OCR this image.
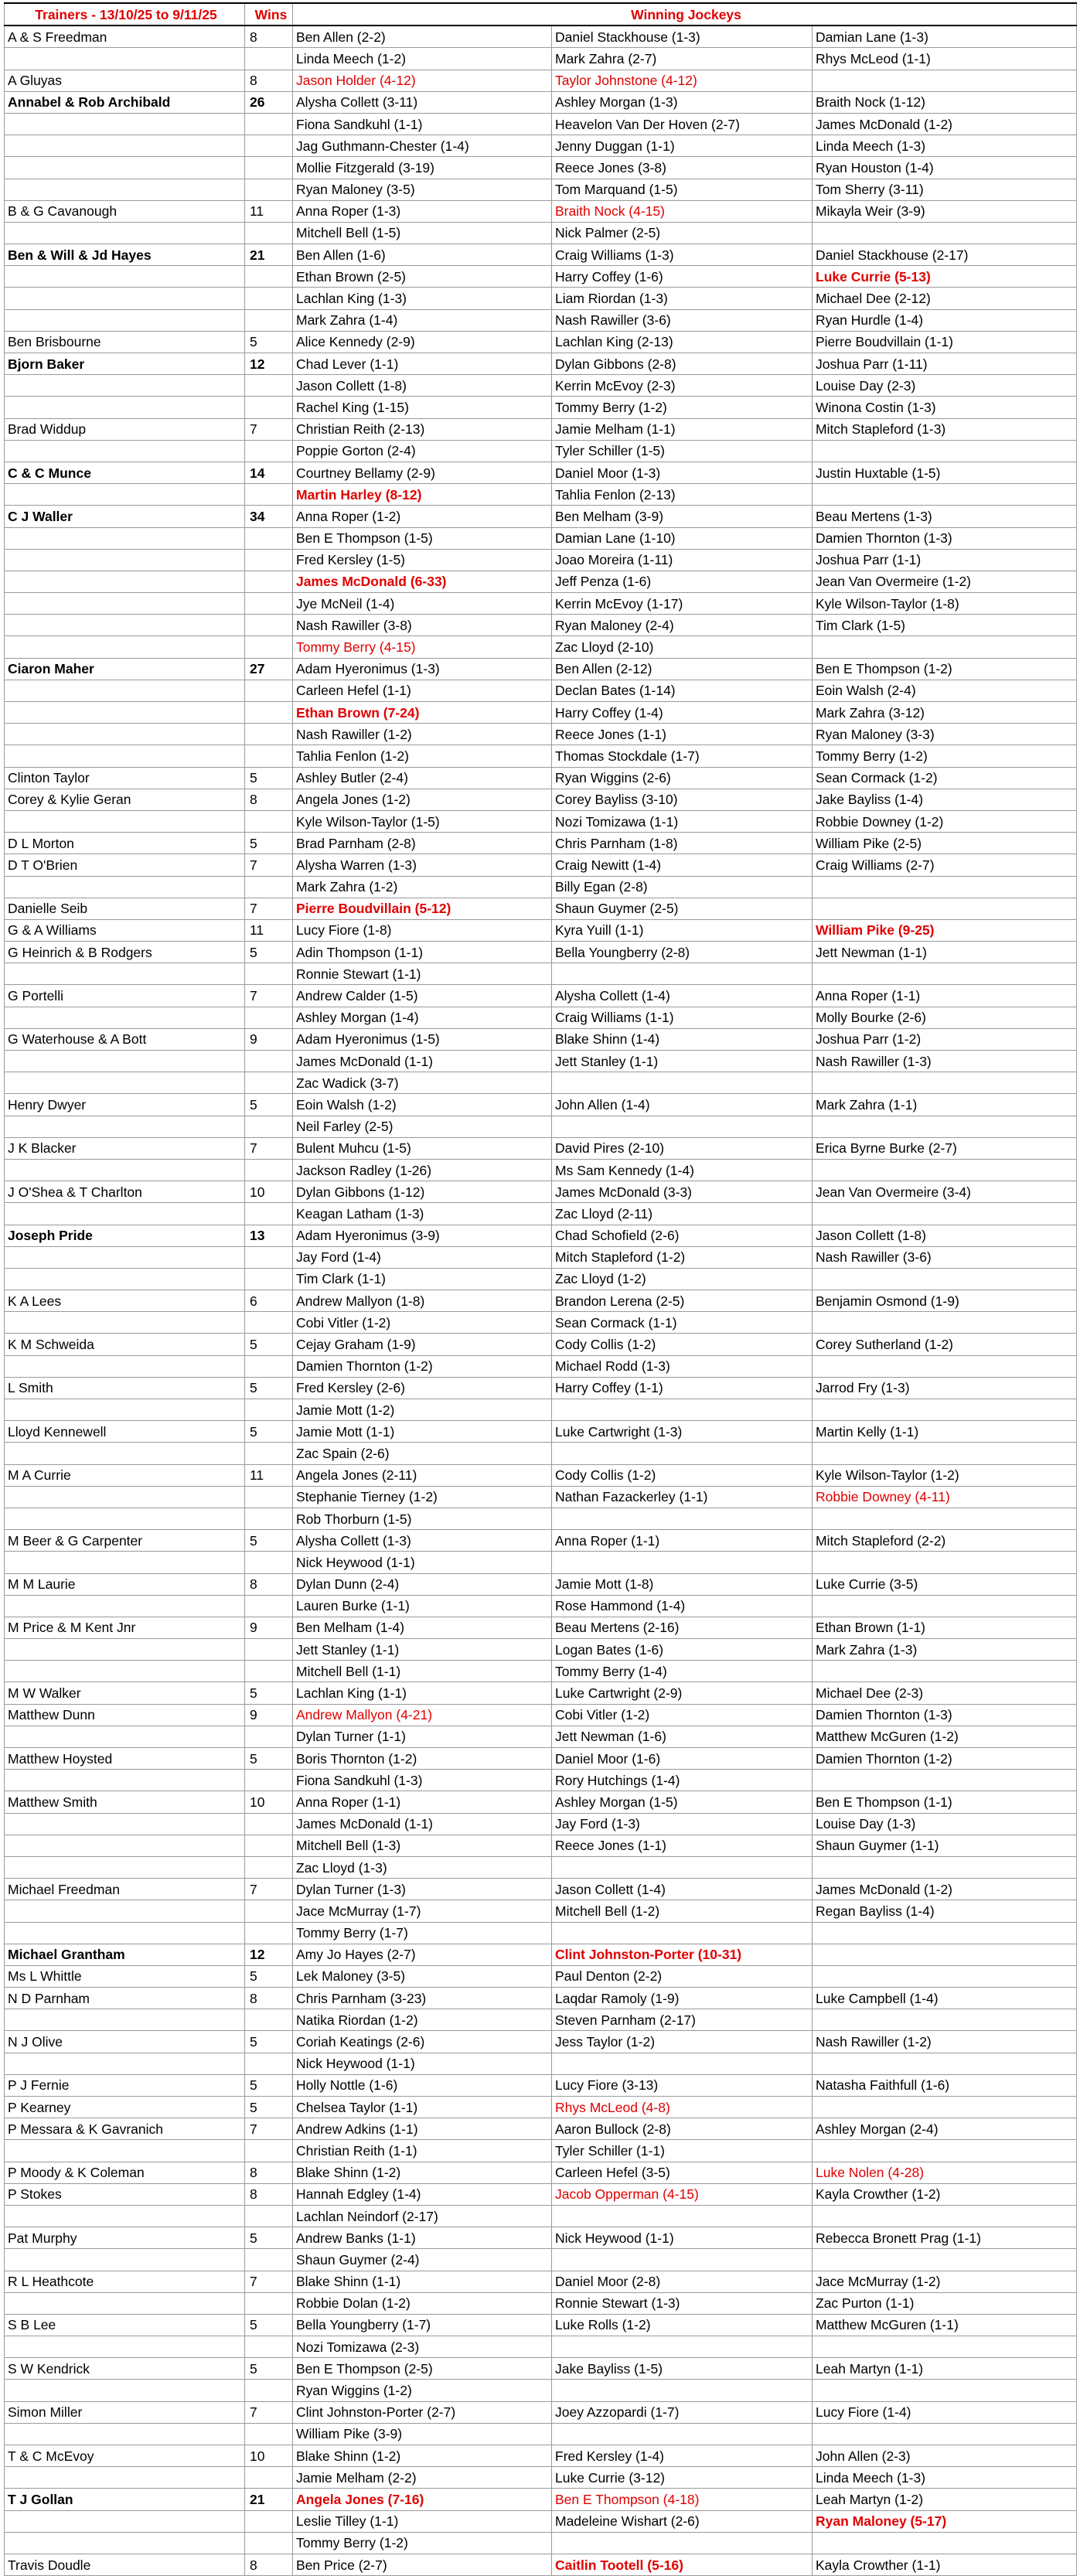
Trainers - 13/10/25 to 9/11/25	Wins	Winning Jockeys		
A & S Freedman	8	Ben Allen (2-2)	Daniel Stackhouse (1-3)	Damian Lane (1-3)
		Linda Meech (1-2)	Mark Zahra (2-7)	Rhys McLeod (1-1)
A Gluyas	8	Jason Holder (4-12)	Taylor Johnstone (4-12)	
Annabel & Rob Archibald	26	Alysha Collett (3-11)	Ashley Morgan (1-3)	Braith Nock (1-12)
		Fiona Sandkuhl (1-1)	Heavelon Van Der Hoven (2-7)	James McDonald (1-2)
		Jag Guthmann-Chester (1-4)	Jenny Duggan (1-1)	Linda Meech (1-3)
		Mollie Fitzgerald (3-19)	Reece Jones (3-8)	Ryan Houston (1-4)
		Ryan Maloney (3-5)	Tom Marquand (1-5)	Tom Sherry (3-11)
B & G Cavanough	11	Anna Roper (1-3)	Braith Nock (4-15)	Mikayla Weir (3-9)
		Mitchell Bell (1-5)	Nick Palmer (2-5)	
Ben & Will & Jd Hayes	21	Ben Allen (1-6)	Craig Williams (1-3)	Daniel Stackhouse (2-17)
		Ethan Brown (2-5)	Harry Coffey (1-6)	Luke Currie (5-13)
		Lachlan King (1-3)	Liam Riordan (1-3)	Michael Dee (2-12)
		Mark Zahra (1-4)	Nash Rawiller (3-6)	Ryan Hurdle (1-4)
Ben Brisbourne	5	Alice Kennedy (2-9)	Lachlan King (2-13)	Pierre Boudvillain (1-1)
Bjorn Baker	12	Chad Lever (1-1)	Dylan Gibbons (2-8)	Joshua Parr (1-11)
		Jason Collett (1-8)	Kerrin McEvoy (2-3)	Louise Day (2-3)
		Rachel King (1-15)	Tommy Berry (1-2)	Winona Costin (1-3)
Brad Widdup	7	Christian Reith (2-13)	Jamie Melham (1-1)	Mitch Stapleford (1-3)
		Poppie Gorton (2-4)	Tyler Schiller (1-5)	
C & C Munce	14	Courtney Bellamy (2-9)	Daniel Moor (1-3)	Justin Huxtable (1-5)
		Martin Harley (8-12)	Tahlia Fenlon (2-13)	
C J Waller	34	Anna Roper (1-2)	Ben Melham (3-9)	Beau Mertens (1-3)
		Ben E Thompson (1-5)	Damian Lane (1-10)	Damien Thornton (1-3)
		Fred Kersley (1-5)	Joao Moreira (1-11)	Joshua Parr (1-1)
		James McDonald (6-33)	Jeff Penza (1-6)	Jean Van Overmeire (1-2)
		Jye McNeil (1-4)	Kerrin McEvoy (1-17)	Kyle Wilson-Taylor (1-8)
		Nash Rawiller (3-8)	Ryan Maloney (2-4)	Tim Clark (1-5)
		Tommy Berry (4-15)	Zac Lloyd (2-10)	
Ciaron Maher	27	Adam Hyeronimus (1-3)	Ben Allen (2-12)	Ben E Thompson (1-2)
		Carleen Hefel (1-1)	Declan Bates (1-14)	Eoin Walsh (2-4)
		Ethan Brown (7-24)	Harry Coffey (1-4)	Mark Zahra (3-12)
		Nash Rawiller (1-2)	Reece Jones (1-1)	Ryan Maloney (3-3)
		Tahlia Fenlon (1-2)	Thomas Stockdale (1-7)	Tommy Berry (1-2)
Clinton Taylor	5	Ashley Butler (2-4)	Ryan Wiggins (2-6)	Sean Cormack (1-2)
Corey & Kylie Geran	8	Angela Jones (1-2)	Corey Bayliss (3-10)	Jake Bayliss (1-4)
		Kyle Wilson-Taylor (1-5)	Nozi Tomizawa (1-1)	Robbie Downey (1-2)
D L Morton	5	Brad Parnham (2-8)	Chris Parnham (1-8)	William Pike (2-5)
D T O'Brien	7	Alysha Warren (1-3)	Craig Newitt (1-4)	Craig Williams (2-7)
		Mark Zahra (1-2)	Billy Egan (2-8)	
Danielle Seib	7	Pierre Boudvillain (5-12)	Shaun Guymer (2-5)	
G & A Williams	11	Lucy Fiore (1-8)	Kyra Yuill (1-1)	William Pike (9-25)
G Heinrich & B Rodgers	5	Adin Thompson (1-1)	Bella Youngberry (2-8)	Jett Newman (1-1)
		Ronnie Stewart (1-1)		
G Portelli	7	Andrew Calder (1-5)	Alysha Collett (1-4)	Anna Roper (1-1)
		Ashley Morgan (1-4)	Craig Williams (1-1)	Molly Bourke (2-6)
G Waterhouse & A Bott	9	Adam Hyeronimus (1-5)	Blake Shinn (1-4)	Joshua Parr (1-2)
		James McDonald (1-1)	Jett Stanley (1-1)	Nash Rawiller (1-3)
		Zac Wadick (3-7)		
Henry Dwyer	5	Eoin Walsh (1-2)	John Allen (1-4)	Mark Zahra (1-1)
		Neil Farley (2-5)		
J K Blacker	7	Bulent Muhcu (1-5)	David Pires (2-10)	Erica Byrne Burke (2-7)
		Jackson Radley (1-26)	Ms Sam Kennedy (1-4)	
J O'Shea & T Charlton	10	Dylan Gibbons (1-12)	James McDonald (3-3)	Jean Van Overmeire (3-4)
		Keagan Latham (1-3)	Zac Lloyd (2-11)	
Joseph Pride	13	Adam Hyeronimus (3-9)	Chad Schofield (2-6)	Jason Collett (1-8)
		Jay Ford (1-4)	Mitch Stapleford (1-2)	Nash Rawiller (3-6)
		Tim Clark (1-1)	Zac Lloyd (1-2)	
K A Lees	6	Andrew Mallyon (1-8)	Brandon Lerena (2-5)	Benjamin Osmond (1-9)
		Cobi Vitler (1-2)	Sean Cormack (1-1)	
K M Schweida	5	Cejay Graham (1-9)	Cody Collis (1-2)	Corey Sutherland (1-2)
		Damien Thornton (1-2)	Michael Rodd (1-3)	
L Smith	5	Fred Kersley (2-6)	Harry Coffey (1-1)	Jarrod Fry (1-3)
		Jamie Mott (1-2)		
Lloyd Kennewell	5	Jamie Mott (1-1)	Luke Cartwright (1-3)	Martin Kelly (1-1)
		Zac Spain (2-6)		
M A Currie	11	Angela Jones (2-11)	Cody Collis (1-2)	Kyle Wilson-Taylor (1-2)
		Stephanie Tierney (1-2)	Nathan Fazackerley (1-1)	Robbie Downey (4-11)
		Rob Thorburn (1-5)		
M Beer & G Carpenter	5	Alysha Collett (1-3)	Anna Roper (1-1)	Mitch Stapleford (2-2)
		Nick Heywood (1-1)		
M M Laurie	8	Dylan Dunn (2-4)	Jamie Mott (1-8)	Luke Currie (3-5)
		Lauren Burke (1-1)	Rose Hammond (1-4)	
M Price & M Kent Jnr	9	Ben Melham (1-4)	Beau Mertens (2-16)	Ethan Brown (1-1)
		Jett Stanley (1-1)	Logan Bates (1-6)	Mark Zahra (1-3)
		Mitchell Bell (1-1)	Tommy Berry (1-4)	
M W Walker	5	Lachlan King (1-1)	Luke Cartwright (2-9)	Michael Dee (2-3)
Matthew Dunn	9	Andrew Mallyon (4-21)	Cobi Vitler (1-2)	Damien Thornton (1-3)
		Dylan Turner (1-1)	Jett Newman (1-6)	Matthew McGuren (1-2)
Matthew Hoysted	5	Boris Thornton (1-2)	Daniel Moor (1-6)	Damien Thornton (1-2)
		Fiona Sandkuhl (1-3)	Rory Hutchings (1-4)	
Matthew Smith	10	Anna Roper (1-1)	Ashley Morgan (1-5)	Ben E Thompson (1-1)
		James McDonald (1-1)	Jay Ford (1-3)	Louise Day (1-3)
		Mitchell Bell (1-3)	Reece Jones (1-1)	Shaun Guymer (1-1)
		Zac Lloyd (1-3)		
Michael Freedman	7	Dylan Turner (1-3)	Jason Collett (1-4)	James McDonald (1-2)
		Jace McMurray (1-7)	Mitchell Bell (1-2)	Regan Bayliss (1-4)
		Tommy Berry (1-7)		
Michael Grantham	12	Amy Jo Hayes (2-7)	Clint Johnston-Porter (10-31)	
Ms L Whittle	5	Lek Maloney (3-5)	Paul Denton (2-2)	
N D Parnham	8	Chris Parnham (3-23)	Laqdar Ramoly (1-9)	Luke Campbell (1-4)
		Natika Riordan (1-2)	Steven Parnham (2-17)	
N J Olive	5	Coriah Keatings (2-6)	Jess Taylor (1-2)	Nash Rawiller (1-2)
		Nick Heywood (1-1)		
P J Fernie	5	Holly Nottle (1-6)	Lucy Fiore (3-13)	Natasha Faithfull (1-6)
P Kearney	5	Chelsea Taylor (1-1)	Rhys McLeod (4-8)	
P Messara & K Gavranich	7	Andrew Adkins (1-1)	Aaron Bullock (2-8)	Ashley Morgan (2-4)
		Christian Reith (1-1)	Tyler Schiller (1-1)	
P Moody & K Coleman	8	Blake Shinn (1-2)	Carleen Hefel (3-5)	Luke Nolen (4-28)
P Stokes	8	Hannah Edgley (1-4)	Jacob Opperman (4-15)	Kayla Crowther (1-2)
		Lachlan Neindorf (2-17)		
Pat Murphy	5	Andrew Banks (1-1)	Nick Heywood (1-1)	Rebecca Bronett Prag (1-1)
		Shaun Guymer (2-4)		
R L Heathcote	7	Blake Shinn (1-1)	Daniel Moor (2-8)	Jace McMurray (1-2)
		Robbie Dolan (1-2)	Ronnie Stewart (1-3)	Zac Purton (1-1)
S B Lee	5	Bella Youngberry (1-7)	Luke Rolls (1-2)	Matthew McGuren (1-1)
		Nozi Tomizawa (2-3)		
S W Kendrick	5	Ben E Thompson (2-5)	Jake Bayliss (1-5)	Leah Martyn (1-1)
		Ryan Wiggins (1-2)		
Simon Miller	7	Clint Johnston-Porter (2-7)	Joey Azzopardi (1-7)	Lucy Fiore (1-4)
		William Pike (3-9)		
T & C McEvoy	10	Blake Shinn (1-2)	Fred Kersley (1-4)	John Allen (2-3)
		Jamie Melham (2-2)	Luke Currie (3-12)	Linda Meech (1-3)
T J Gollan	21	Angela Jones (7-16)	Ben E Thompson (4-18)	Leah Martyn (1-2)
		Leslie Tilley (1-1)	Madeleine Wishart (2-6)	Ryan Maloney (5-17)
		Tommy Berry (1-2)		
Travis Doudle	8	Ben Price (2-7)	Caitlin Tootell (5-16)	Kayla Crowther (1-1)
